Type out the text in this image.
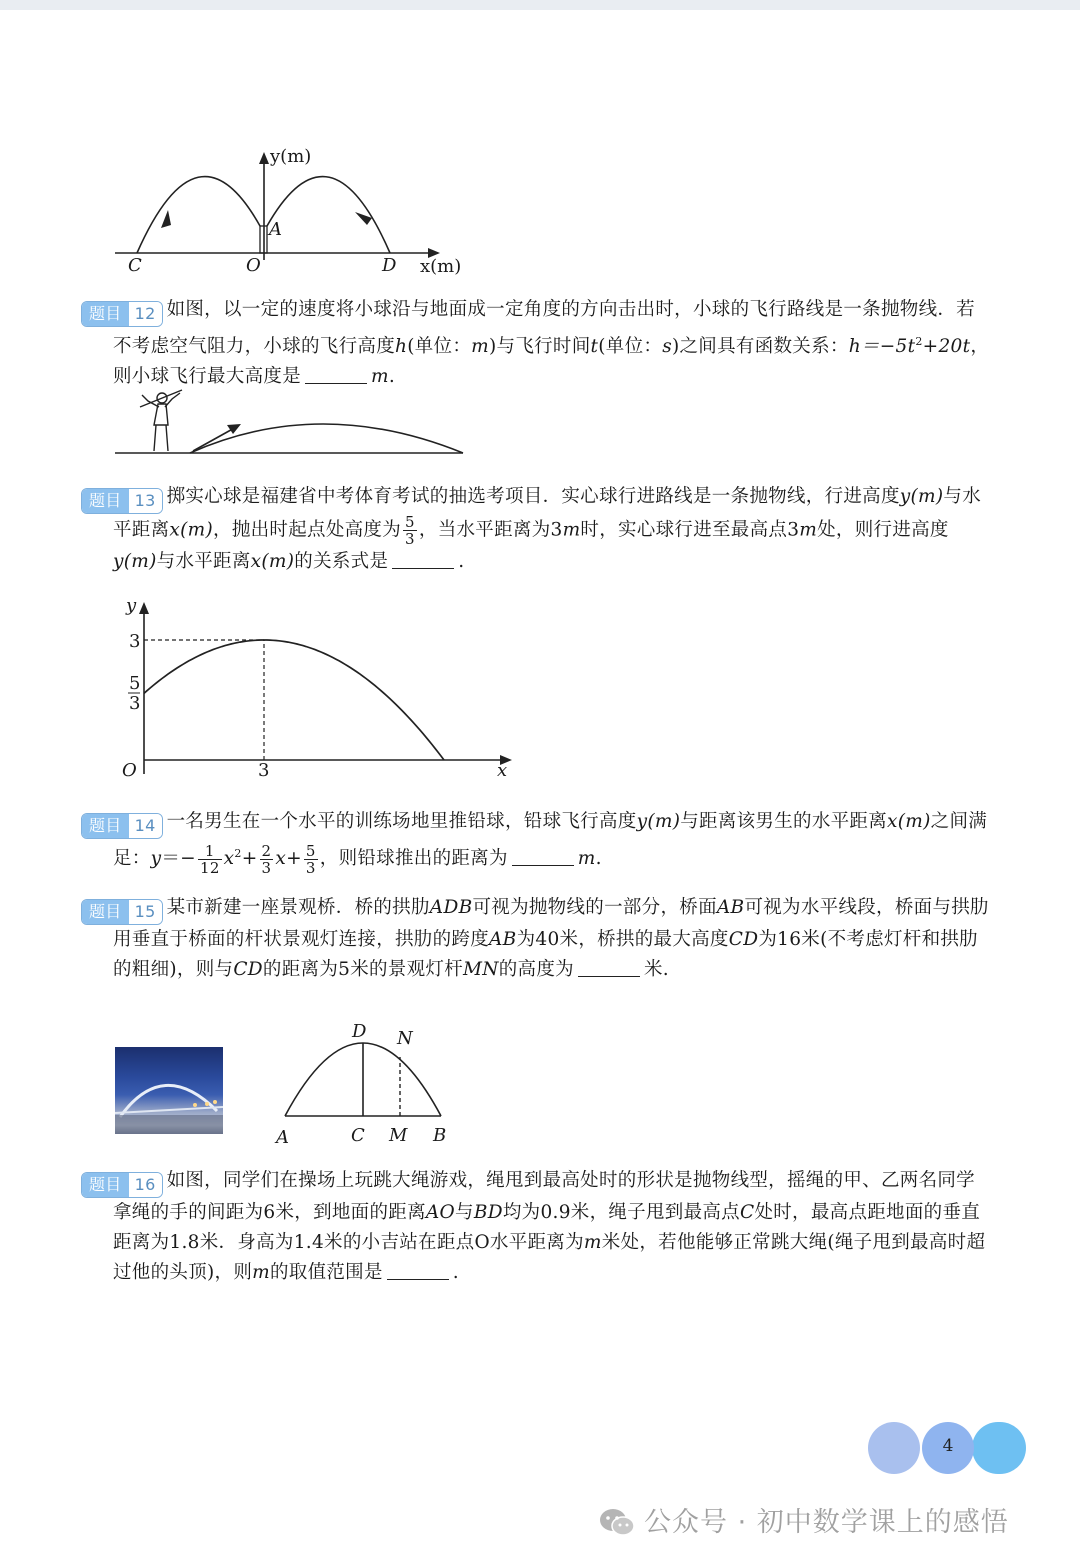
y(m)
A
C	O	D x(m)
题目 12 如图，以一定的速度将小球沿与地面成一定角度的方向击出时，小球的飞行路线是一条抛物线．若不考虑空气阻力，小球的飞行高度h(单位：m)与飞行时间t(单位：s)之间具有函数关系：$h=-5t^2+20t$，则小球飞行最大高度是	m.
题目 13 掷实心球是福建省中考体育考试的抽选考项目．实心球行进路线是一条抛物线，行进高度y(m)与水平距离x(m)，抛出时起点处高度为 $\frac{5}{3}$ ，当水平距离为3m时，实心球行进至最高点3m处，则行进高度
y(m)与水平距离x(m)的关系式是	.
y
x
O	3
3
5
3
题目 14 一名男生在一个水平的训练场地里推铅球，铅球飞行高度y(m)与距离该男生的水平距离x(m)之间满足：$y=- \frac{1}{12} x^2+ \frac{2}{3} x+ \frac{5}{3}$ ，则铅球推出的距离为	m.
题目 15 某市新建一座景观桥．桥的拱肋ADB可视为抛物线的一部分，桥面AB可视为水平线段，桥面与拱肋用垂直于桥面的杆状景观灯连接，拱肋的跨度AB为40米，桥拱的最大高度CD为16米(不考虑灯杆和拱肋的粗细)，则与CD的距离为5米的景观灯杆MN的高度为	米.
D N
A	C M B
题目 16 如图，同学们在操场上玩跳大绳游戏，绳甩到最高处时的形状是抛物线型，摇绳的甲、乙两名同学拿绳的手的间距为6米，到地面的距离AO与BD均为0.9米，绳子甩到最高点C处时，最高点距地面的垂直距离为1.8米．身高为1.4米的小吉站在距点O水平距离为m米处，若他能够正常跳大绳(绳子甩到最高时超过他的头顶)，则m的取值范围是	.
4
公众号 · 初中数学课上的感悟
